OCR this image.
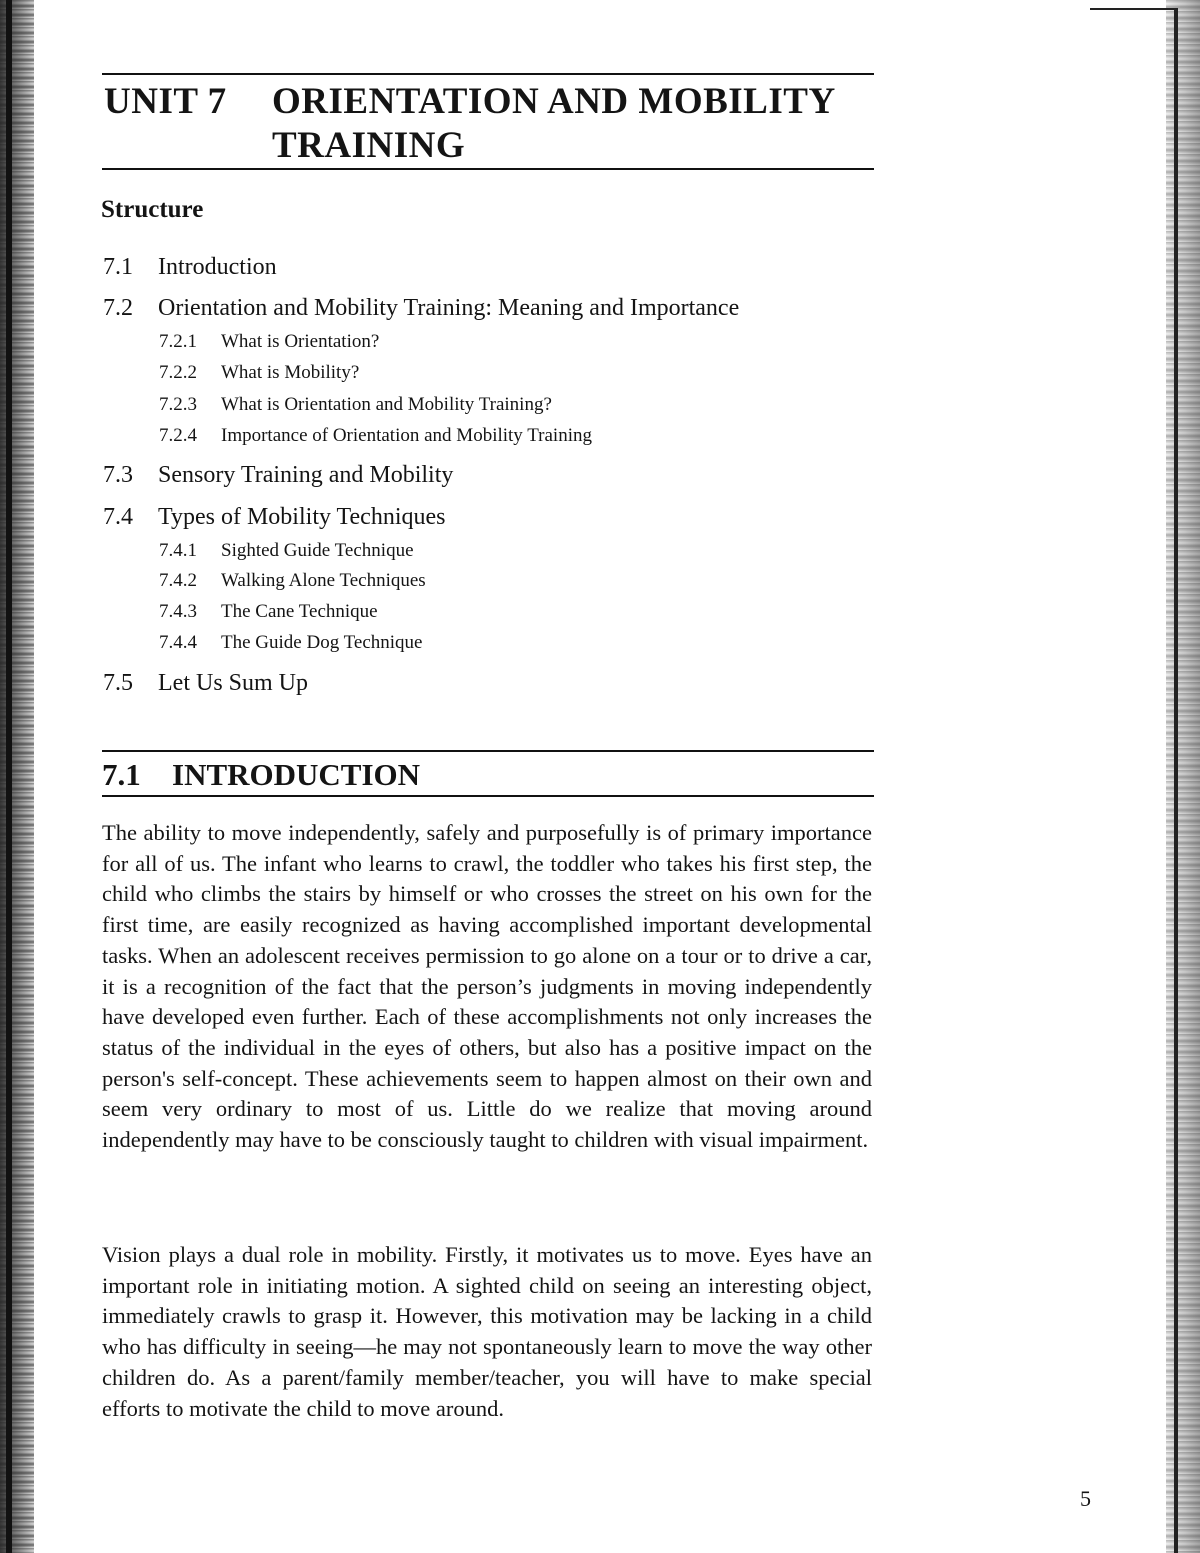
UNIT 7 ORIENTATION AND MOBILITY TRAINING
Structure
7.1 Introduction
7.2 Orientation and Mobility Training: Meaning and Importance
7.2.1 What is Orientation?
7.2.2 What is Mobility?
7.2.3 What is Orientation and Mobility Training?
7.2.4 Importance of Orientation and Mobility Training
7.3 Sensory Training and Mobility
7.4 Types of Mobility Techniques
7.4.1 Sighted Guide Technique
7.4.2 Walking Alone Techniques
7.4.3 The Cane Technique
7.4.4 The Guide Dog Technique
7.5 Let Us Sum Up
7.1 INTRODUCTION
The ability to move independently, safely and purposefully is of primary importance for all of us. The infant who learns to crawl, the toddler who takes his first step, the child who climbs the stairs by himself or who crosses the street on his own for the first time, are easily recognized as having accomplished important developmental tasks. When an adolescent receives permission to go alone on a tour or to drive a car, it is a recognition of the fact that the person’s judgments in moving independently have developed even further. Each of these accomplishments not only increases the status of the individual in the eyes of others, but also has a positive impact on the person's self-concept. These achievements seem to happen almost on their own and seem very ordinary to most of us. Little do we realize that moving around independently may have to be consciously taught to children with visual impairment.
Vision plays a dual role in mobility. Firstly, it motivates us to move. Eyes have an important role in initiating motion. A sighted child on seeing an interesting object, immediately crawls to grasp it. However, this motivation may be lacking in a child who has difficulty in seeing—he may not spontaneously learn to move the way other children do. As a parent/family member/teacher, you will have to make special efforts to motivate the child to move around.
5
